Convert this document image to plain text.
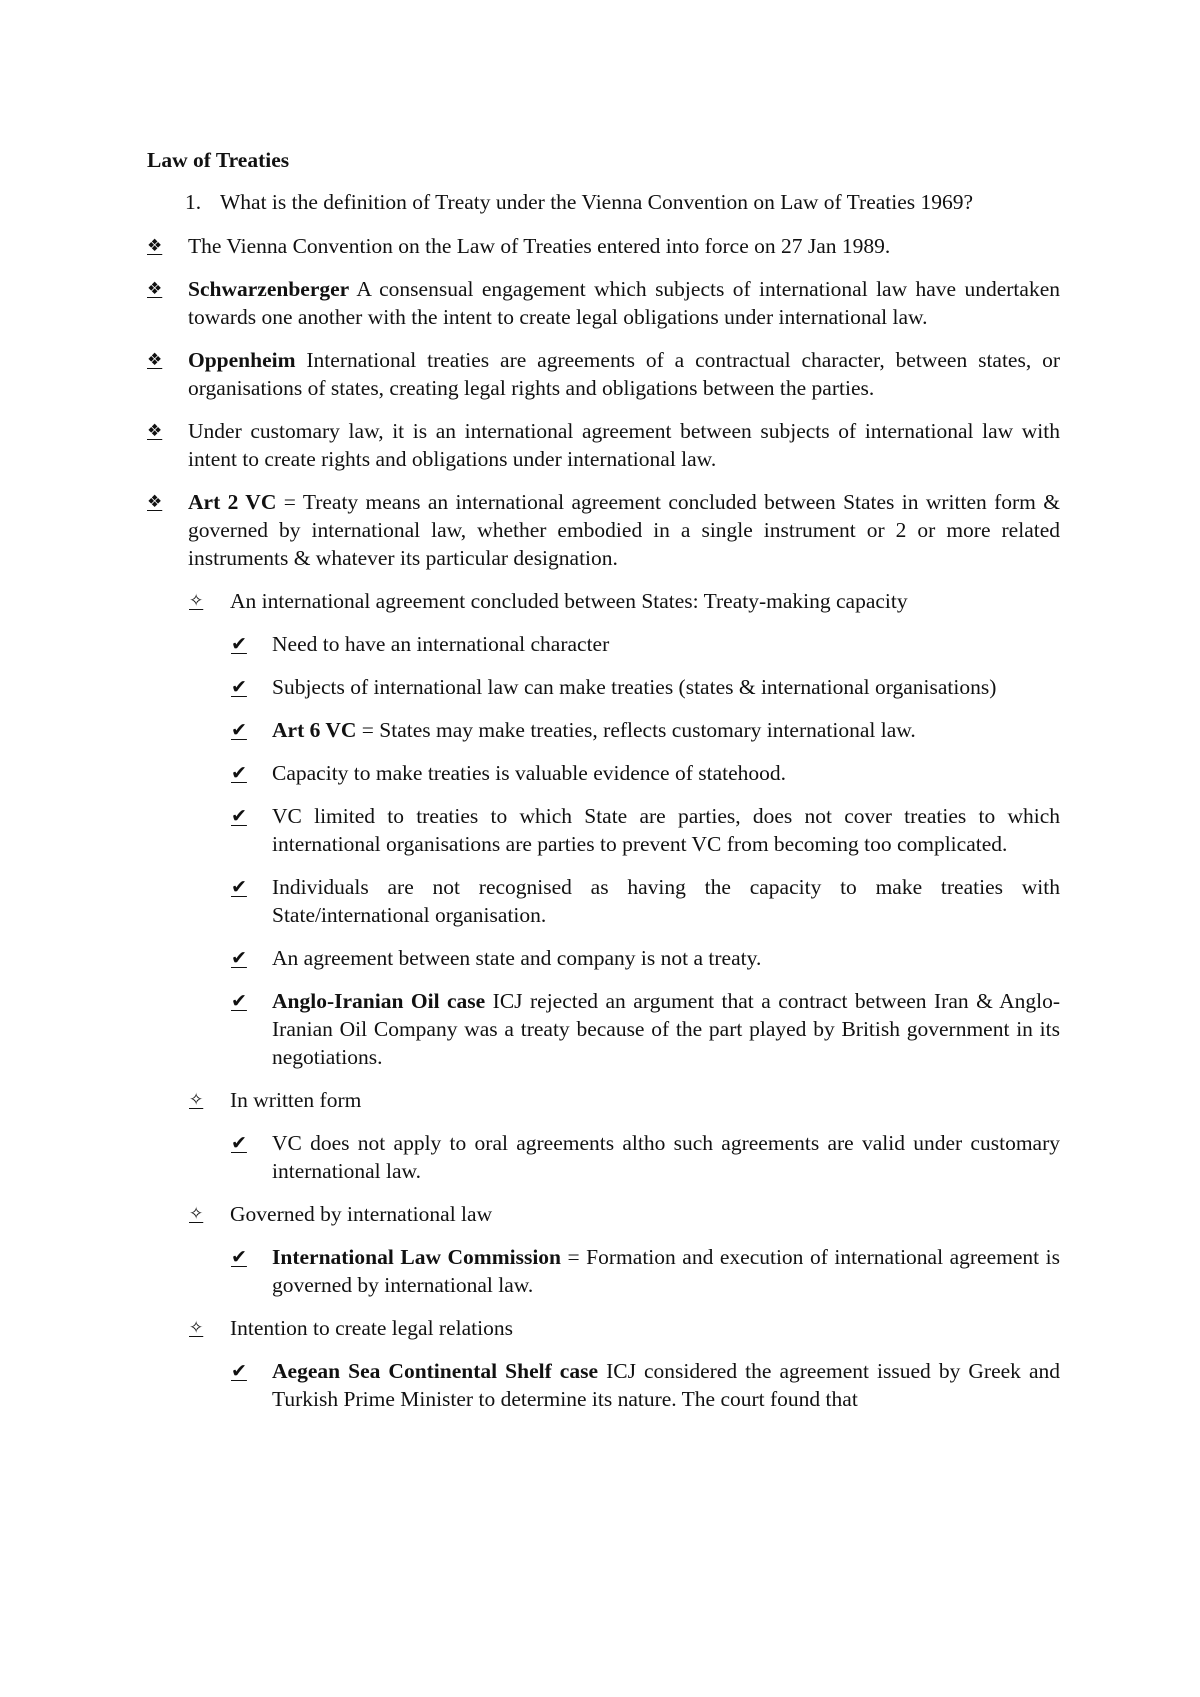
Law of Treaties
1. What is the definition of Treaty under the Vienna Convention on Law of Treaties 1969?
❖	The Vienna Convention on the Law of Treaties entered into force on 27 Jan 1989.
❖	Schwarzenberger A consensual engagement which subjects of international law have undertaken towards one another with the intent to create legal obligations under international law.
❖	Oppenheim International treaties are agreements of a contractual character, between states, or organisations of states, creating legal rights and obligations between the parties.
❖	Under customary law, it is an international agreement between subjects of international law with intent to create rights and obligations under international law.
❖	Art 2 VC = Treaty means an international agreement concluded between States in written form & governed by international law, whether embodied in a single instrument or 2 or more related instruments & whatever its particular designation.
✧	An international agreement concluded between States: Treaty-making capacity
✔	Need to have an international character
✔	Subjects of international law can make treaties (states & international organisations)
✔	Art 6 VC = States may make treaties, reflects customary international law.
✔	Capacity to make treaties is valuable evidence of statehood.
✔	VC limited to treaties to which State are parties, does not cover treaties to which international organisations are parties to prevent VC from becoming too complicated.
✔	Individuals are not recognised as having the capacity to make treaties with State/international organisation.
✔	An agreement between state and company is not a treaty.
✔	Anglo-Iranian Oil case ICJ rejected an argument that a contract between Iran & Anglo-Iranian Oil Company was a treaty because of the part played by British government in its negotiations.
✧	In written form
✔	VC does not apply to oral agreements altho such agreements are valid under customary international law.
✧	Governed by international law
✔	International Law Commission = Formation and execution of international agreement is governed by international law.
✧	Intention to create legal relations
✔	Aegean Sea Continental Shelf case ICJ considered the agreement issued by Greek and Turkish Prime Minister to determine its nature. The court found that
